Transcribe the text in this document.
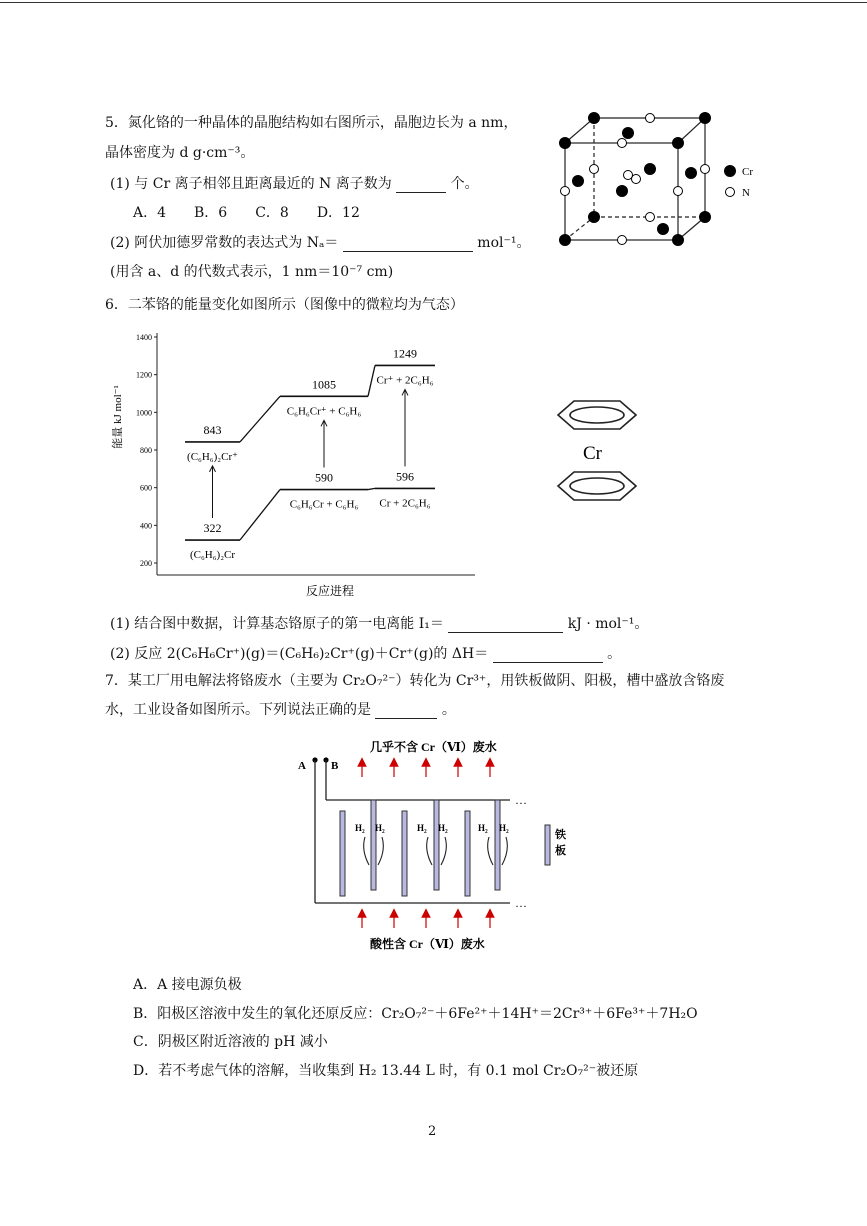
5．氮化铬的一种晶体的晶胞结构如右图所示，晶胞边长为 a nm，
晶体密度为 d g·cm⁻³。
(1) 与 Cr 离子相邻且距离最近的 N 离子数为	个。
A．4　　B．6　　C．8　　D．12
(2) 阿伏加德罗常数的表达式为 Nₐ＝	mol⁻¹。
(用含 a、d 的代数式表示，1 nm＝10⁻⁷ cm)
Cr
N
6．二苯铬的能量变化如图所示（图像中的微粒均为气态）
200
400
600
800
1000
1200
1400
能量 kJ mol⁻¹
反应进程
322
(C₆H₆)₂Cr
843
(C₆H₆)₂Cr⁺
590
C₆H₆Cr + C₆H₆
1085
C₆H₆Cr⁺ + C₆H₆
596
Cr + 2C₆H₆
1249
Cr⁺ + 2C₆H₆
Cr
(1) 结合图中数据，计算基态铬原子的第一电离能 I₁＝	kJ · mol⁻¹。
(2) 反应 2(C₆H₆Cr⁺)(g)＝(C₆H₆)₂Cr⁺(g)＋Cr⁺(g)的 ΔH＝	。
7．某工厂用电解法将铬废水（主要为 Cr₂O₇²⁻）转化为 Cr³⁺，用铁板做阴、阳极，槽中盛放含铬废
水，工业设备如图所示。下列说法正确的是	。
几乎不含 Cr（Ⅵ）废水
酸性含 Cr（Ⅵ）废水
A B
…
…
铁
板
H₂ H₂	H₂ H₂	H₂ H₂
A．A 接电源负极
B．阳极区溶液中发生的氧化还原反应：Cr₂O₇²⁻＋6Fe²⁺＋14H⁺＝2Cr³⁺＋6Fe³⁺＋7H₂O
C．阴极区附近溶液的 pH 减小
D．若不考虑气体的溶解，当收集到 H₂ 13.44 L 时，有 0.1 mol Cr₂O₇²⁻被还原
2
